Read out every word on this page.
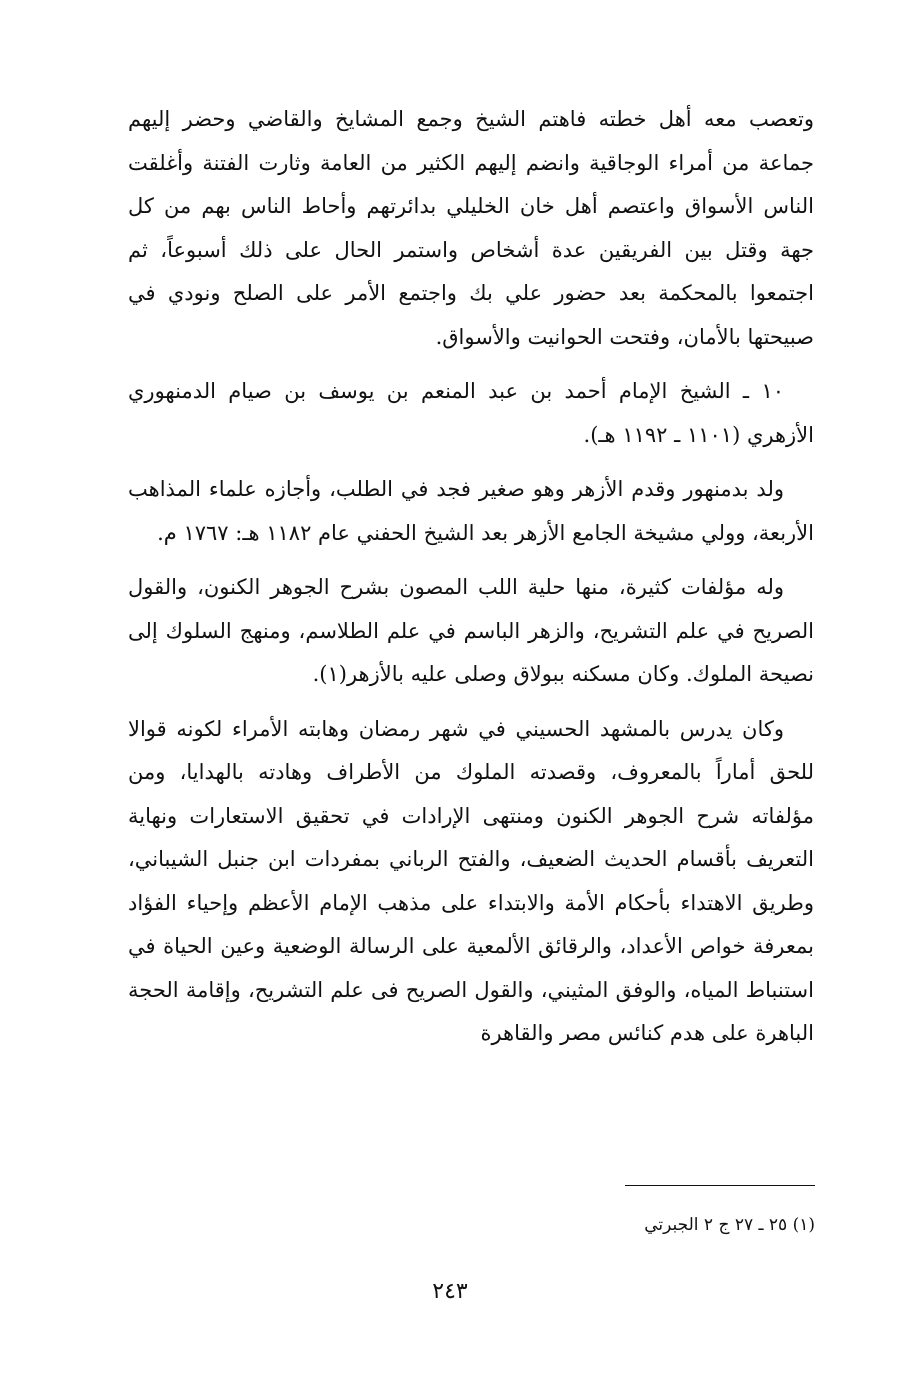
وتعصب معه أهل خطته فاهتم الشيخ وجمع المشايخ والقاضي وحضر إليهم جماعة من أمراء الوجاقية وانضم إليهم الكثير من العامة وثارت الفتنة وأغلقت الناس الأسواق واعتصم أهل خان الخليلي بدائرتهم وأحاط الناس بهم من كل جهة وقتل بين الفريقين عدة أشخاص واستمر الحال على ذلك أسبوعاً، ثم اجتمعوا بالمحكمة بعد حضور علي بك واجتمع الأمر على الصلح ونودي في صبيحتها بالأمان، وفتحت الحوانيت والأسواق.

١٠ ـ الشيخ الإمام أحمد بن عبد المنعم بن يوسف بن صيام الدمنهوري الأزهري (١١٠١ ـ ١١٩٢ هـ).

ولد بدمنهور وقدم الأزهر وهو صغير فجد في الطلب، وأجازه علماء المذاهب الأربعة، وولي مشيخة الجامع الأزهر بعد الشيخ الحفني عام ١١٨٢ هـ: ١٧٦٧ م.

وله مؤلفات كثيرة، منها حلية اللب المصون بشرح الجوهر الكنون، والقول الصريح في علم التشريح، والزهر الباسم في علم الطلاسم، ومنهج السلوك إلى نصيحة الملوك. وكان مسكنه ببولاق وصلى عليه بالأزهر(١).

وكان يدرس بالمشهد الحسيني في شهر رمضان وهابته الأمراء لكونه قوالا للحق أماراً بالمعروف، وقصدته الملوك من الأطراف وهادته بالهدايا، ومن مؤلفاته شرح الجوهر الكنون ومنتهى الإرادات في تحقيق الاستعارات ونهاية التعريف بأقسام الحديث الضعيف، والفتح الرباني بمفردات ابن جنبل الشيباني، وطريق الاهتداء بأحكام الأمة والابتداء على مذهب الإمام الأعظم وإحياء الفؤاد بمعرفة خواص الأعداد، والرقائق الألمعية على الرسالة الوضعية وعين الحياة في استنباط المياه، والوفق المثيني، والقول الصريح فى علم التشريح، وإقامة الحجة الباهرة على هدم كنائس مصر والقاهرة

(١) ٢٥ ـ ٢٧ ج ٢ الجبرتي
٢٤٣
